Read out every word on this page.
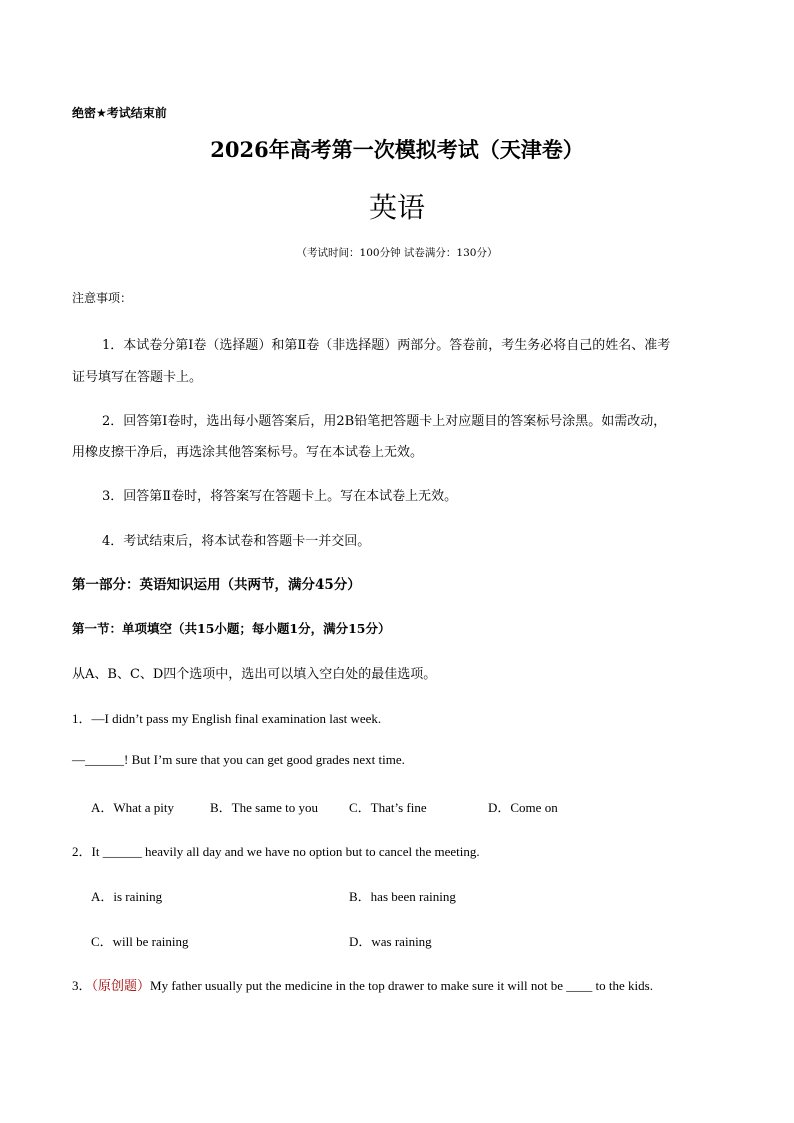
绝密★考试结束前
2026年高考第一次模拟考试（天津卷）
英语
（考试时间：100分钟 试卷满分：130分）
注意事项：
1．本试卷分第Ⅰ卷（选择题）和第Ⅱ卷（非选择题）两部分。答卷前，考生务必将自己的姓名、准考
证号填写在答题卡上。
2．回答第Ⅰ卷时，选出每小题答案后，用2B铅笔把答题卡上对应题目的答案标号涂黑。如需改动，
用橡皮擦干净后，再选涂其他答案标号。写在本试卷上无效。
3．回答第Ⅱ卷时，将答案写在答题卡上。写在本试卷上无效。
4．考试结束后，将本试卷和答题卡一并交回。
第一部分：英语知识运用（共两节，满分45分）
第一节：单项填空（共15小题；每小题1分，满分15分）
从A、B、C、D四个选项中，选出可以填入空白处的最佳选项。
1．—I didn’t pass my English final examination last week.
—______! But I’m sure that you can get good grades next time.
A．What a pity	B．The same to you C．That’s fine	D．Come on
2．It ______ heavily all day and we have no option but to cancel the meeting.
A．is raining	B．has been raining
C．will be raining	D．was raining
3．（原创题）My father usually put the medicine in the top drawer to make sure it will not be ____ to the kids.
